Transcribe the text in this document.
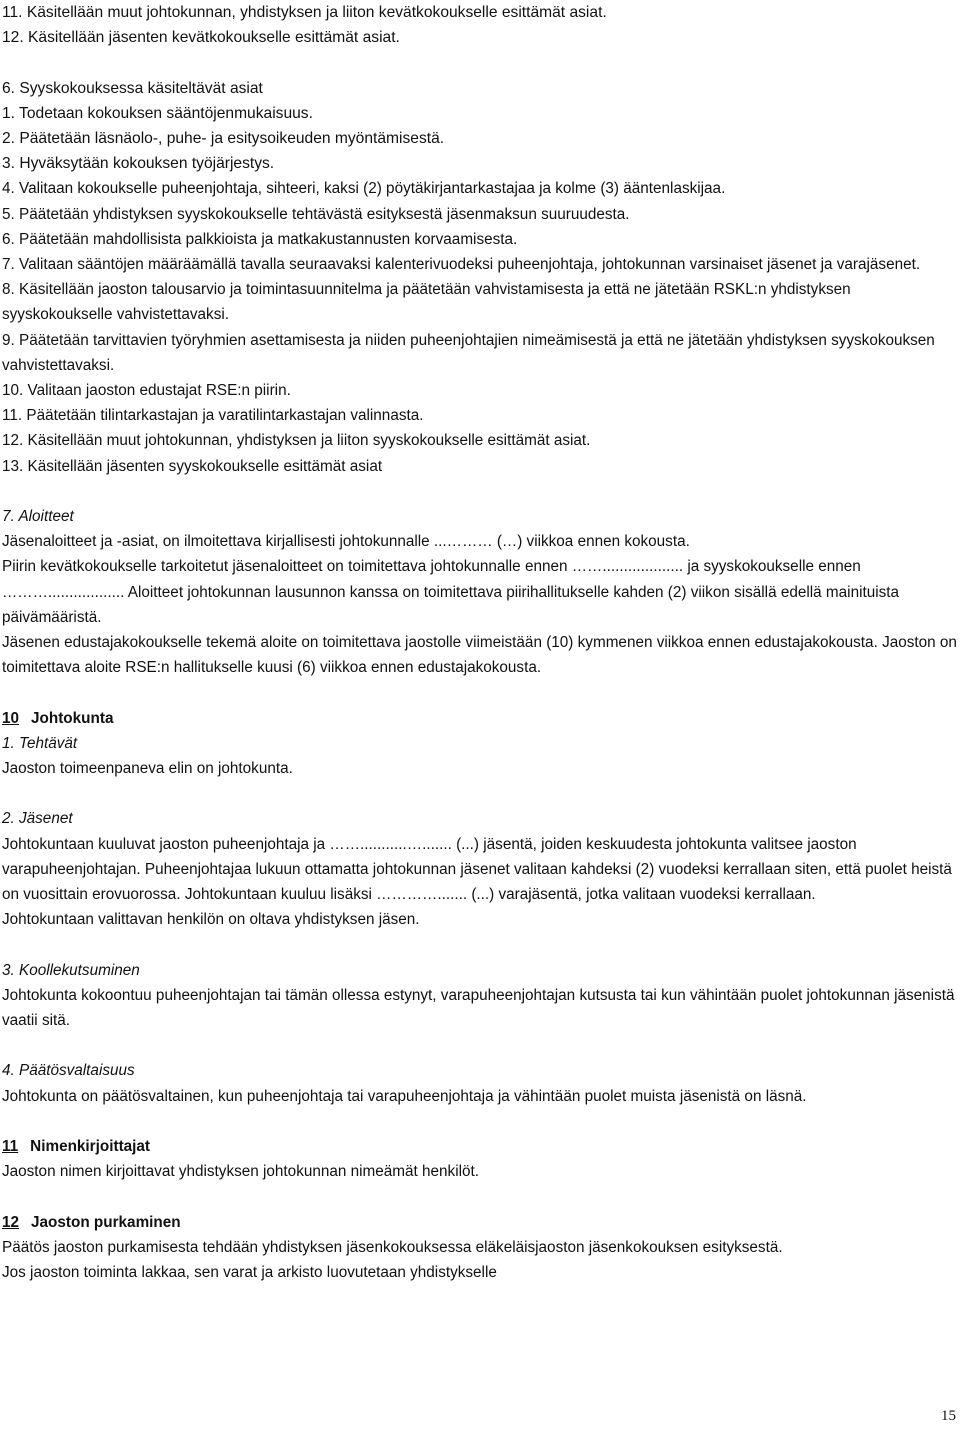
11. Käsitellään muut johtokunnan, yhdistyksen ja liiton kevätkokoukselle esittämät asiat.
12. Käsitellään jäsenten kevätkokoukselle esittämät asiat.
6. Syyskokouksessa käsiteltävät asiat
1. Todetaan kokouksen sääntöjenmukaisuus.
2. Päätetään läsnäolo-, puhe- ja esitysoikeuden myöntämisestä.
3. Hyväksytään kokouksen työjärjestys.
4. Valitaan kokoukselle puheenjohtaja, sihteeri, kaksi (2) pöytäkirjantarkastajaa ja kolme (3) ääntenlaskijaa.
5. Päätetään yhdistyksen syyskokoukselle tehtävästä esityksestä jäsenmaksun suuruudesta.
6. Päätetään mahdollisista palkkioista ja matkakustannusten korvaamisesta.
7. Valitaan sääntöjen määräämällä tavalla seuraavaksi kalenterivuodeksi puheenjohtaja, johtokunnan varsinaiset jäsenet ja varajäsenet.
8. Käsitellään jaoston talousarvio ja toimintasuunnitelma ja päätetään vahvistamisesta ja että ne jätetään RSKL:n yhdistyksen syyskokoukselle vahvistettavaksi.
9. Päätetään tarvittavien työryhmien asettamisesta ja niiden puheenjohtajien nimeämisestä ja että ne jätetään yhdistyksen syyskokouksen vahvistettavaksi.
10. Valitaan jaoston edustajat RSE:n piirin.
11. Päätetään tilintarkastajan ja varatilintarkastajan valinnasta.
12. Käsitellään muut johtokunnan, yhdistyksen ja liiton syyskokoukselle esittämät asiat.
13. Käsitellään jäsenten syyskokoukselle esittämät asiat
7. Aloitteet
Jäsenaloitteet ja -asiat, on ilmoitettava kirjallisesti johtokunnalle ...……… (…) viikkoa ennen kokousta.
Piirin kevätkokoukselle tarkoitetut jäsenaloitteet on toimitettava johtokunnalle ennen ……................... ja syyskokoukselle ennen ……….................. Aloitteet johtokunnan lausunnon kanssa on toimitettava piirihallitukselle kahden (2) viikon sisällä edellä mainituista päivämääristä.
Jäsenen edustajakokoukselle tekemä aloite on toimitettava jaostolle viimeistään (10) kymmenen viikkoa ennen edustajakokousta. Jaoston on toimitettava aloite RSE:n hallitukselle kuusi (6) viikkoa ennen edustajakokousta.
10 Johtokunta
1. Tehtävät
Jaoston toimeenpaneva elin on johtokunta.
2. Jäsenet
Johtokuntaan kuuluvat jaoston puheenjohtaja ja ……...........…....... (...) jäsentä, joiden keskuudesta johtokunta valitsee jaoston varapuheenjohtajan. Puheenjohtajaa lukuun ottamatta johtokunnan jäsenet valitaan kahdeksi (2) vuodeksi kerrallaan siten, että puolet heistä on vuosittain erovuorossa. Johtokuntaan kuuluu lisäksi …………....... (...) varajäsentä, jotka valitaan vuodeksi kerrallaan.
Johtokuntaan valittavan henkilön on oltava yhdistyksen jäsen.
3. Koollekutsuminen
Johtokunta kokoontuu puheenjohtajan tai tämän ollessa estynyt, varapuheenjohtajan kutsusta tai kun vähintään puolet johtokunnan jäsenistä vaatii sitä.
4. Päätösvaltaisuus
Johtokunta on päätösvaltainen, kun puheenjohtaja tai varapuheenjohtaja ja vähintään puolet muista jäsenistä on läsnä.
11 Nimenkirjoittajat
Jaoston nimen kirjoittavat yhdistyksen johtokunnan nimeämät henkilöt.
12 Jaoston purkaminen
Päätös jaoston purkamisesta tehdään yhdistyksen jäsenkokouksessa eläkeläisjaoston jäsenkokouksen esityksestä.
Jos jaoston toiminta lakkaa, sen varat ja arkisto luovutetaan yhdistykselle
15
